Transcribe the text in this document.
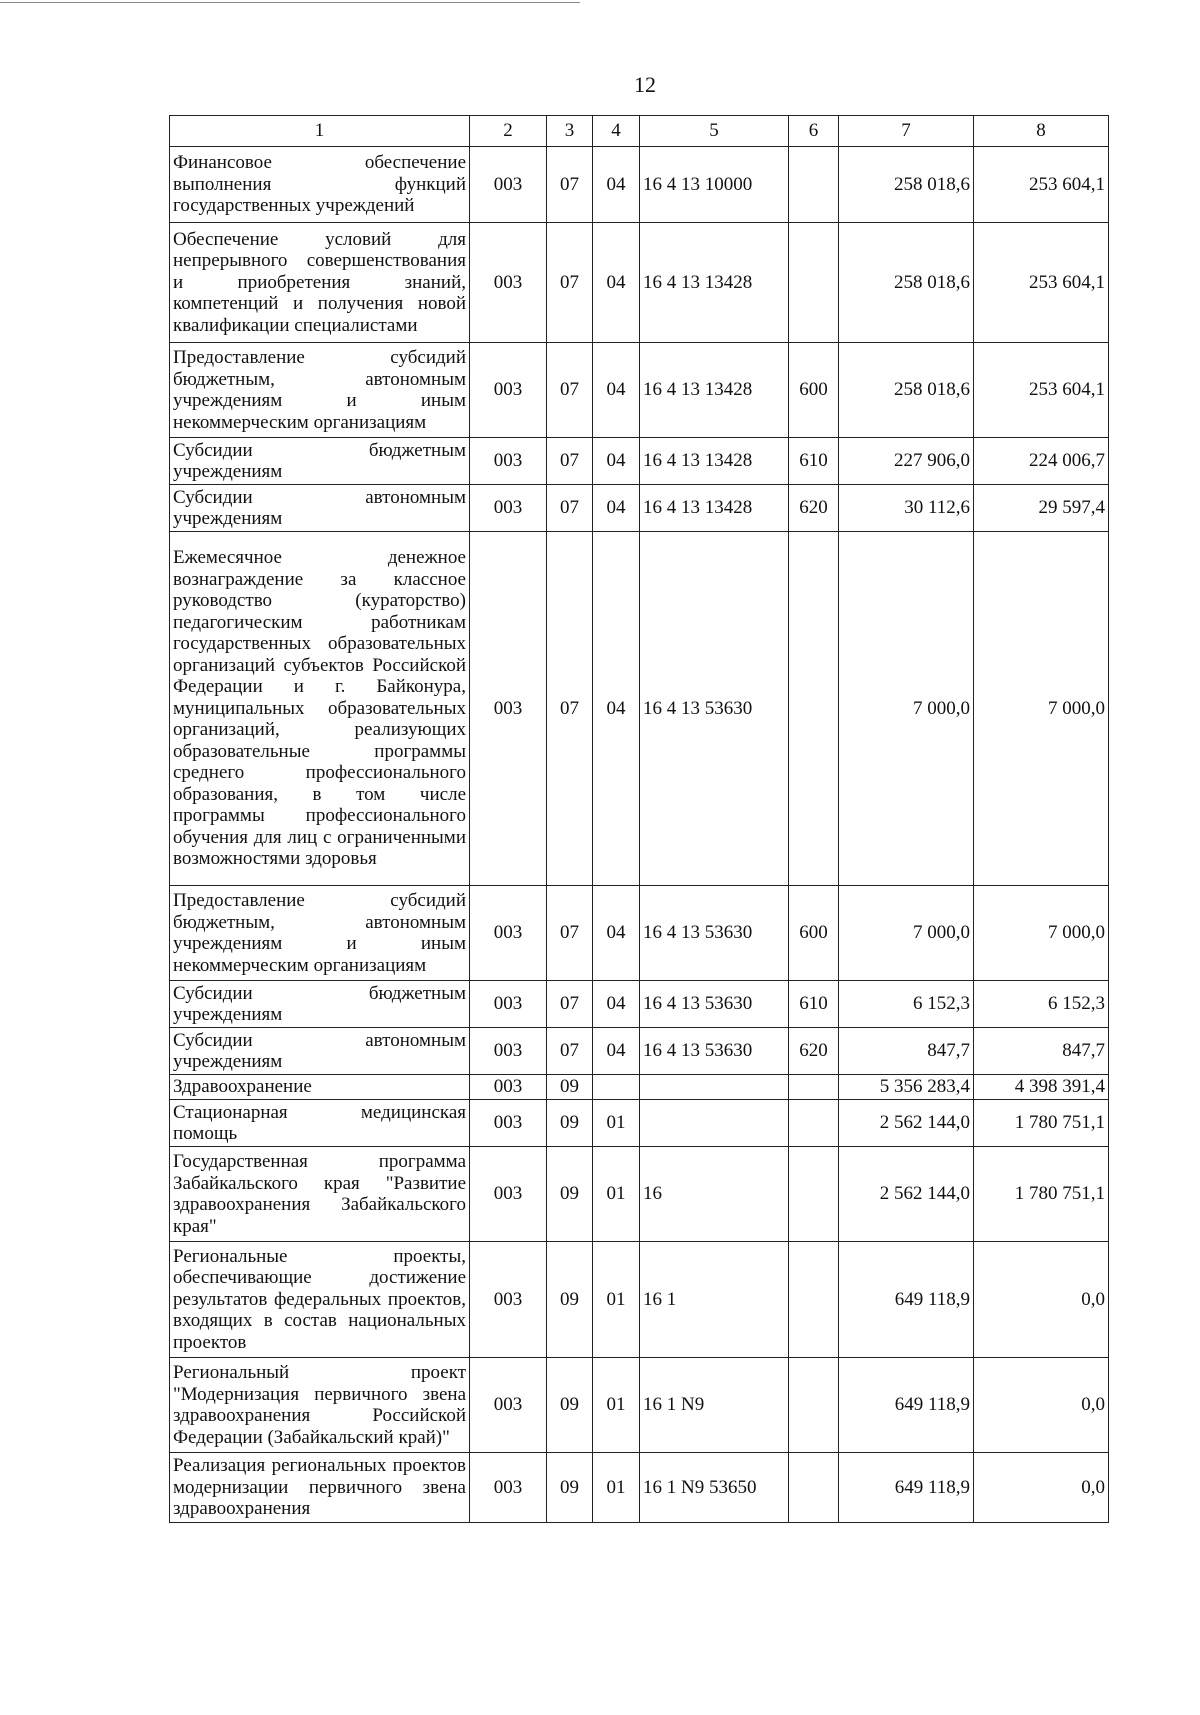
12
1	2	3	4	5	6	7	8
Финансовое обеспечение выполнения функций государственных учреждений	003	07	04	16 4 13 10000		258 018,6	253 604,1
Обеспечение условий для непрерывного совершенствования и приобретения знаний, компетенций и получения новой квалификации специалистами	003	07	04	16 4 13 13428		258 018,6	253 604,1
Предоставление субсидий бюджетным, автономным учреждениям и иным некоммерческим организациям	003	07	04	16 4 13 13428	600	258 018,6	253 604,1
Субсидии бюджетным учреждениям	003	07	04	16 4 13 13428	610	227 906,0	224 006,7
Субсидии автономным учреждениям	003	07	04	16 4 13 13428	620	30 112,6	29 597,4
Ежемесячное денежное вознаграждение за классное руководство (кураторство) педагогическим работникам государственных образовательных организаций субъектов Российской Федерации и г. Байконура, муниципальных образовательных организаций, реализующих образовательные программы среднего профессионального образования, в том числе программы профессионального обучения для лиц с ограниченными возможностями здоровья	003	07	04	16 4 13 53630		7 000,0	7 000,0
Предоставление субсидий бюджетным, автономным учреждениям и иным некоммерческим организациям	003	07	04	16 4 13 53630	600	7 000,0	7 000,0
Субсидии бюджетным учреждениям	003	07	04	16 4 13 53630	610	6 152,3	6 152,3
Субсидии автономным учреждениям	003	07	04	16 4 13 53630	620	847,7	847,7
Здравоохранение	003	09				5 356 283,4	4 398 391,4
Стационарная медицинская помощь	003	09	01			2 562 144,0	1 780 751,1
Государственная программа Забайкальского края "Развитие здравоохранения Забайкальского края"	003	09	01	16		2 562 144,0	1 780 751,1
Региональные проекты, обеспечивающие достижение результатов федеральных проектов, входящих в состав национальных проектов	003	09	01	16 1		649 118,9	0,0
Региональный проект "Модернизация первичного звена здравоохранения Российской Федерации (Забайкальский край)"	003	09	01	16 1 N9		649 118,9	0,0
Реализация региональных проектов модернизации первичного звена здравоохранения	003	09	01	16 1 N9 53650		649 118,9	0,0
